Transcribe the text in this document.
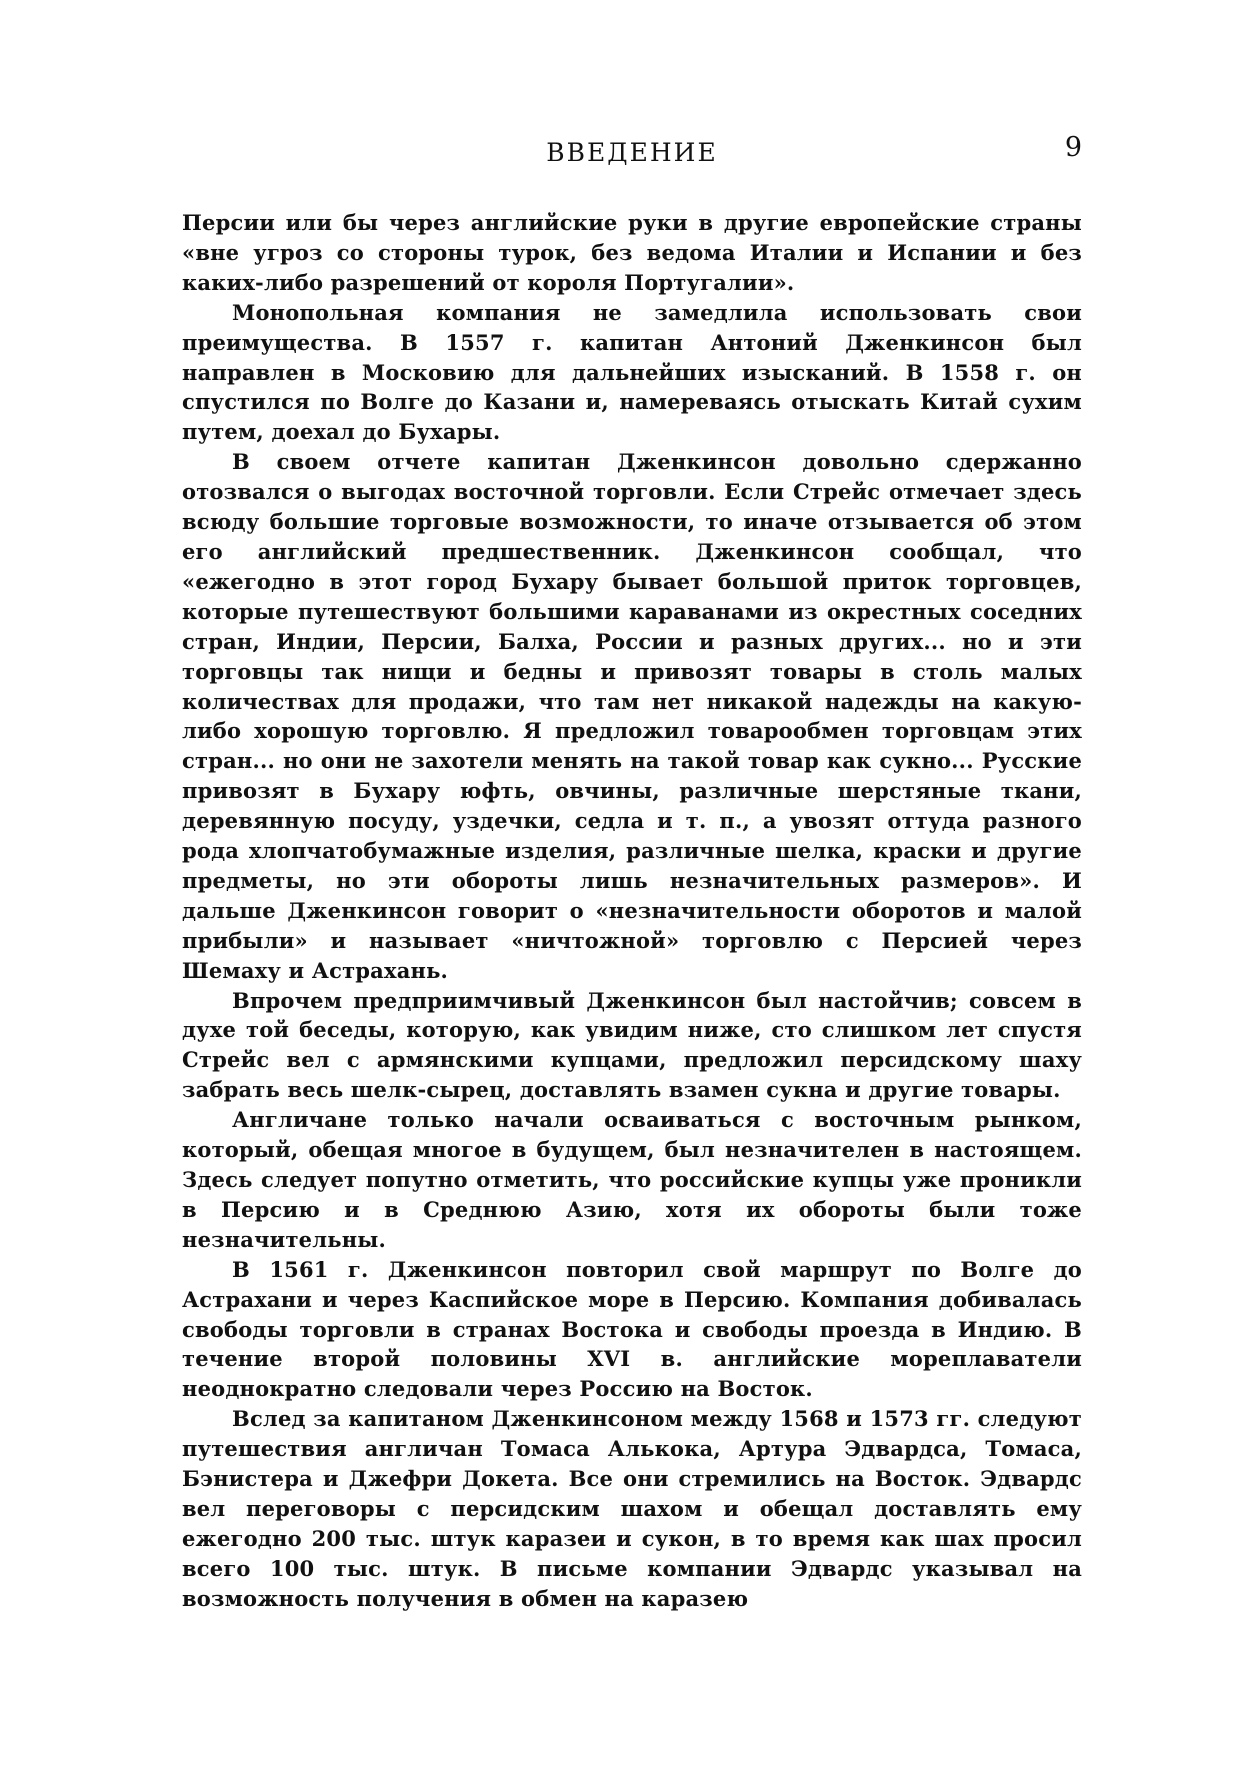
ВВЕДЕНИЕ	9

Персии или бы через английские руки в другие европейские страны «вне угроз со стороны турок, без ведома Италии и Испании и без каких-либо разрешений от короля Португалии».

Монопольная компания не замедлила использовать свои преимущества. В 1557 г. капитан Антоний Дженкинсон был направлен в Московию для дальнейших изысканий. В 1558 г. он спустился по Волге до Казани и, намереваясь отыскать Китай сухим путем, доехал до Бухары.

В своем отчете капитан Дженкинсон довольно сдержанно отозвался о выгодах восточной торговли. Если Стрейс отмечает здесь всюду большие торговые возможности, то иначе отзывается об этом его английский предшественник. Дженкинсон сообщал, что «ежегодно в этот город Бухару бывает большой приток торговцев, которые путешествуют большими караванами из окрестных соседних стран, Индии, Персии, Балха, России и разных других... но и эти торговцы так нищи и бедны и привозят товары в столь малых количествах для продажи, что там нет никакой надежды на какую-либо хорошую торговлю. Я предложил товарообмен торговцам этих стран... но они не захотели менять на такой товар как сукно... Русские привозят в Бухару юфть, овчины, различные шерстяные ткани, деревянную посуду, уздечки, седла и т. п., а увозят оттуда разного рода хлопчатобумажные изделия, различные шелка, краски и другие предметы, но эти обороты лишь незначительных размеров». И дальше Дженкинсон говорит о «незначительности оборотов и малой прибыли» и называет «ничтожной» торговлю с Персией через Шемаху и Астрахань.

Впрочем предприимчивый Дженкинсон был настойчив; совсем в духе той беседы, которую, как увидим ниже, сто слишком лет спустя Стрейс вел с армянскими купцами, предложил персидскому шаху забрать весь шелк-сырец, доставлять взамен сукна и другие товары.

Англичане только начали осваиваться с восточным рынком, который, обещая многое в будущем, был незначителен в настоящем. Здесь следует попутно отметить, что российские купцы уже проникли в Персию и в Среднюю Азию, хотя их обороты были тоже незначительны.

В 1561 г. Дженкинсон повторил свой маршрут по Волге до Астрахани и через Каспийское море в Персию. Компания добивалась свободы торговли в странах Востока и свободы проезда в Индию. В течение второй половины XVI в. английские мореплаватели неоднократно следовали через Россию на Восток.

Вслед за капитаном Дженкинсоном между 1568 и 1573 гг. следуют путешествия англичан Томаса Алькока, Артура Эдвардса, Томаса, Бэнистера и Джефри Докета. Все они стремились на Восток. Эдвардс вел переговоры с персидским шахом и обещал доставлять ему ежегодно 200 тыс. штук каразеи и сукон, в то время как шах просил всего 100 тыс. штук. В письме компании Эдвардс указывал на возможность получения в обмен на каразею
